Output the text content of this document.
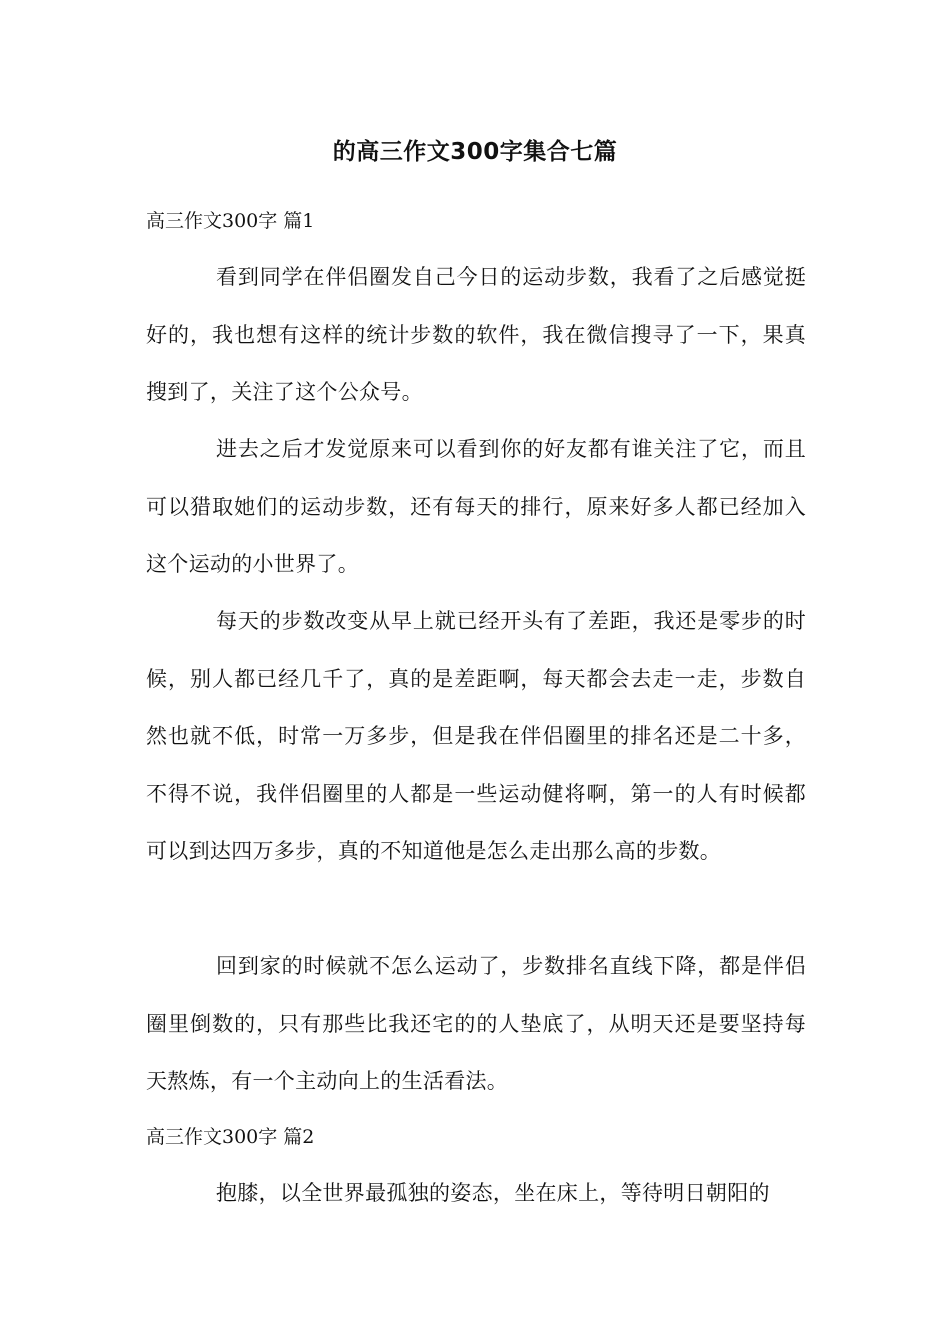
的高三作文300字集合七篇
高三作文300字 篇1

看到同学在伴侣圈发自己今日的运动步数，我看了之后感觉挺好的，我也想有这样的统计步数的软件，我在微信搜寻了一下，果真搜到了，关注了这个公众号。

进去之后才发觉原来可以看到你的好友都有谁关注了它，而且可以猎取她们的运动步数，还有每天的排行，原来好多人都已经加入这个运动的小世界了。

每天的步数改变从早上就已经开头有了差距，我还是零步的时候，别人都已经几千了，真的是差距啊，每天都会去走一走，步数自然也就不低，时常一万多步，但是我在伴侣圈里的排名还是二十多，不得不说，我伴侣圈里的人都是一些运动健将啊，第一的人有时候都可以到达四万多步，真的不知道他是怎么走出那么高的步数。

回到家的时候就不怎么运动了，步数排名直线下降，都是伴侣圈里倒数的，只有那些比我还宅的的人垫底了，从明天还是要坚持每天熬炼，有一个主动向上的生活看法。

高三作文300字 篇2

抱膝，以全世界最孤独的姿态，坐在床上，等待明日朝阳的
